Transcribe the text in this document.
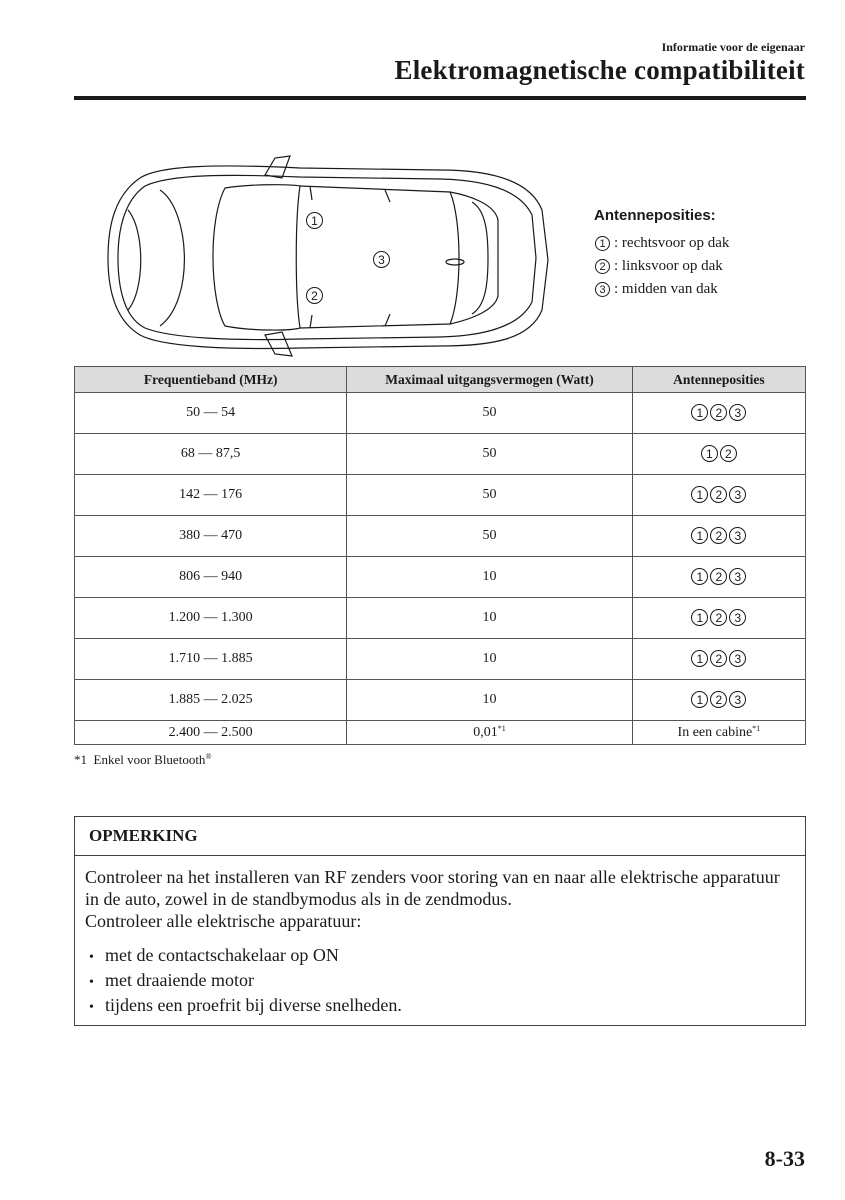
Informatie voor de eigenaar
Elektromagnetische compatibiliteit
1
3
2
Antenneposities:
1 : rechtsvoor op dak
2 : linksvoor op dak
3 : midden van dak
Frequentieband (MHz)	Maximaal uitgangsvermogen (Watt)	Antenneposities
50 — 54	50	1 2 3
68 — 87,5	50	1 2
142 — 176	50	1 2 3
380 — 470	50	1 2 3
806 — 940	10	1 2 3
1.200 — 1.300	10	1 2 3
1.710 — 1.885	10	1 2 3
1.885 — 2.025	10	1 2 3
2.400 — 2.500	0,01$^{*1}$	In een cabine$^{*1}$
*1 Enkel voor Bluetooth®
OPMERKING
Controleer na het installeren van RF zenders voor storing van en naar alle elektrische apparatuur in de auto, zowel in de standbymodus als in de zendmodus.
Controleer alle elektrische apparatuur:
• met de contactschakelaar op ON
• met draaiende motor
• tijdens een proefrit bij diverse snelheden.
8-33
